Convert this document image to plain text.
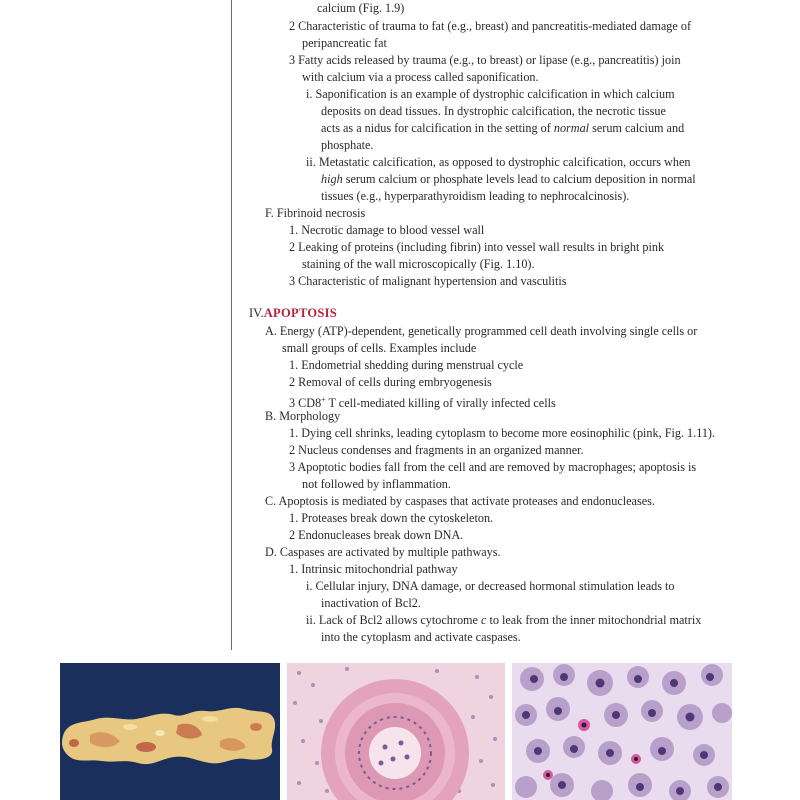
calcium (Fig. 1.9)
2 Characteristic of trauma to fat (e.g., breast) and pancreatitis-mediated damage of
peripancreatic fat
3 Fatty acids released by trauma (e.g., to breast) or lipase (e.g., pancreatitis) join
with calcium via a process called saponification.
i. Saponification is an example of dystrophic calcification in which calcium
deposits on dead tissues. In dystrophic calcification, the necrotic tissue
acts as a nidus for calcification in the setting of normal serum calcium and
phosphate.
ii. Metastatic calcification, as opposed to dystrophic calcification, occurs when
high serum calcium or phosphate levels lead to calcium deposition in normal
tissues (e.g., hyperparathyroidism leading to nephrocalcinosis).
F. Fibrinoid necrosis
1. Necrotic damage to blood vessel wall
2 Leaking of proteins (including fibrin) into vessel wall results in bright pink
staining of the wall microscopically (Fig. 1.10).
3 Characteristic of malignant hypertension and vasculitis
IV.APOPTOSIS
A. Energy (ATP)-dependent, genetically programmed cell death involving single cells or
small groups of cells. Examples include
1. Endometrial shedding during menstrual cycle
2 Removal of cells during embryogenesis
3 CD8+ T cell-mediated killing of virally infected cells
B. Morphology
1. Dying cell shrinks, leading cytoplasm to become more eosinophilic (pink, Fig. 1.11).
2 Nucleus condenses and fragments in an organized manner.
3 Apoptotic bodies fall from the cell and are removed by macrophages; apoptosis is
not followed by inflammation.
C. Apoptosis is mediated by caspases that activate proteases and endonucleases.
1. Proteases break down the cytoskeleton.
2 Endonucleases break down DNA.
D. Caspases are activated by multiple pathways.
1. Intrinsic mitochondrial pathway
i. Cellular injury, DNA damage, or decreased hormonal stimulation leads to
inactivation of Bcl2.
ii. Lack of Bcl2 allows cytochrome c to leak from the inner mitochondrial matrix
into the cytoplasm and activate caspases.
